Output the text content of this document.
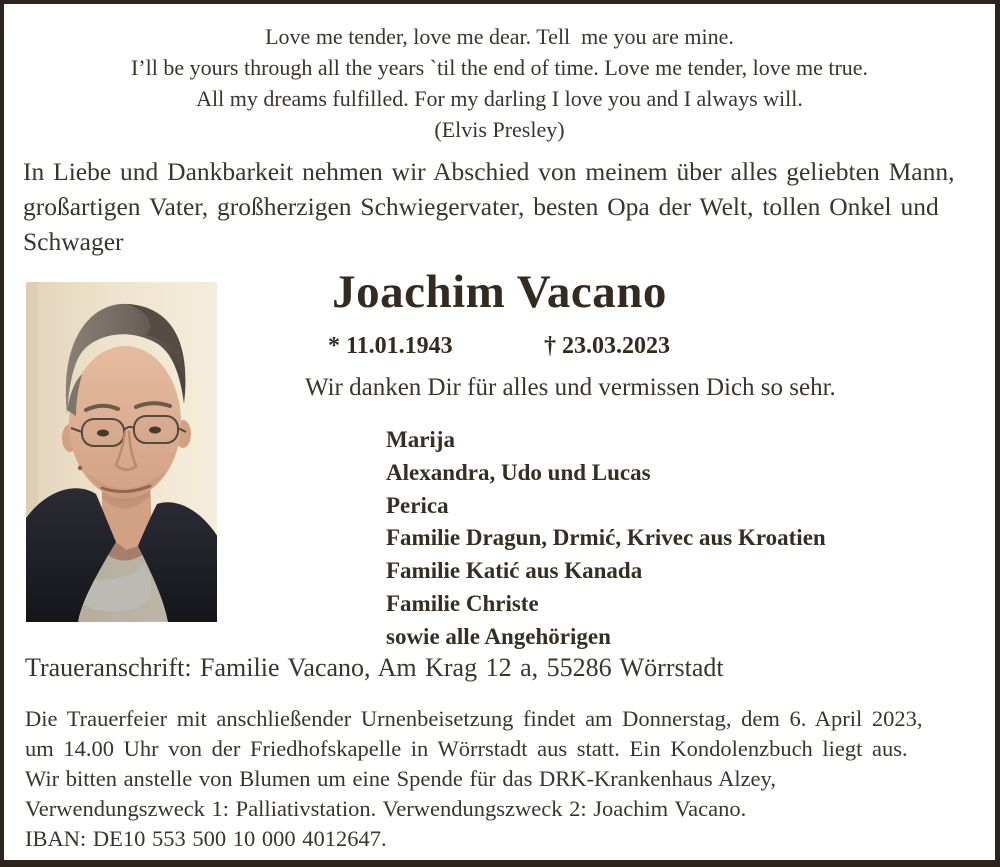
Love me tender, love me dear. Tell  me you are mine.
I’ll be yours through all the years `til the end of time. Love me tender, love me true.
All my dreams fulfilled. For my darling I love you and I always will.
(Elvis Presley)
In Liebe und Dankbarkeit nehmen wir Abschied von meinem über alles geliebten Mann,
großartigen Vater, großherzigen Schwiegervater, besten Opa der Welt, tollen Onkel und
Schwager
Joachim Vacano
* 11.01.1943	† 23.03.2023
Wir danken Dir für alles und vermissen Dich so sehr.
Marija
Alexandra, Udo und Lucas
Perica
Familie Dragun, Drmić, Krivec aus Kroatien
Familie Katić aus Kanada
Familie Christe
sowie alle Angehörigen
Traueranschrift: Familie Vacano, Am Krag 12 a, 55286 Wörrstadt
Die Trauerfeier mit anschließender Urnenbeisetzung findet am Donnerstag, dem 6. April 2023,
um 14.00 Uhr von der Friedhofskapelle in Wörrstadt aus statt. Ein Kondolenzbuch liegt aus.
Wir bitten anstelle von Blumen um eine Spende für das DRK-Krankenhaus Alzey,
Verwendungszweck 1: Palliativstation. Verwendungszweck 2: Joachim Vacano.
IBAN: DE10 553 500 10 000 4012647.
